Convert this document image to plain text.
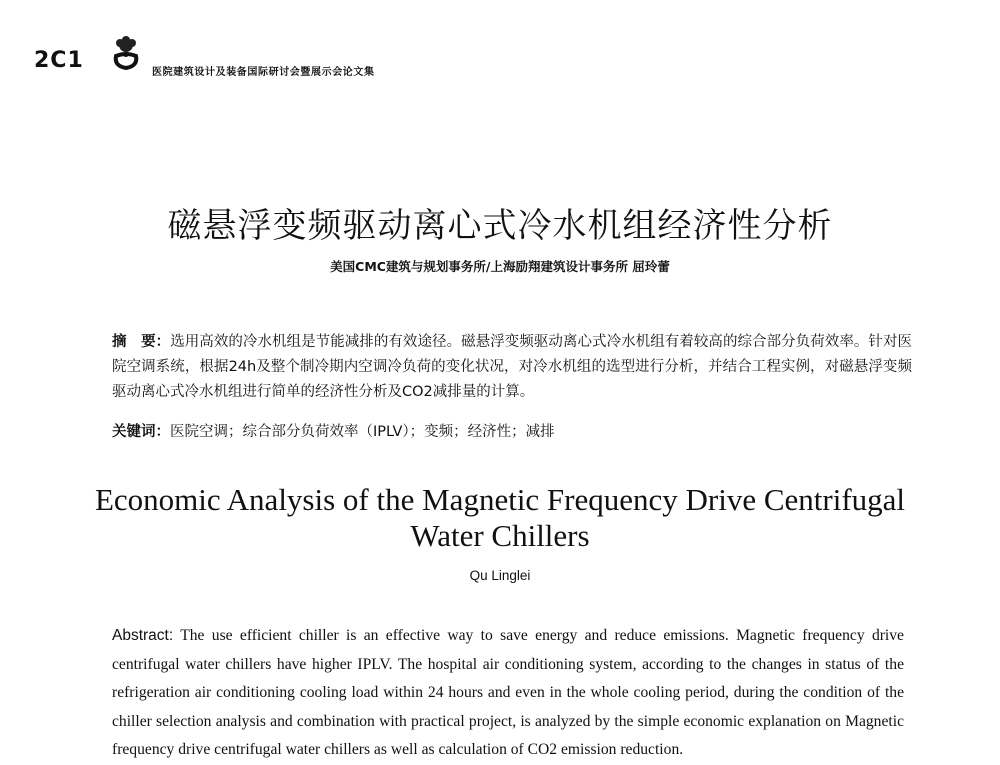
2C1	医院建筑设计及装备国际研讨会暨展示会论文集
磁悬浮变频驱动离心式冷水机组经济性分析
美国CMC建筑与规划事务所/上海励翔建筑设计事务所 屈玲蕾
摘　要：选用高效的冷水机组是节能减排的有效途径。磁悬浮变频驱动离心式冷水机组有着较高的综合部分负荷效率。针对医院空调系统，根据24h及整个制冷期内空调冷负荷的变化状况，对冷水机组的选型进行分析，并结合工程实例，对磁悬浮变频驱动离心式冷水机组进行简单的经济性分析及CO2减排量的计算。
关键词：医院空调；综合部分负荷效率（IPLV）；变频；经济性；减排
Economic Analysis of the Magnetic Frequency Drive Centrifugal
Water Chillers
Qu Linglei
Abstract: The use efficient chiller is an effective way to save energy and reduce emissions. Magnetic frequency drive centrifugal water chillers have higher IPLV. The hospital air conditioning system, according to the changes in status of the refrigeration air conditioning cooling load within 24 hours and even in the whole cooling period, during the condition of the chiller selection analysis and combination with practical project, is analyzed by the simple economic explanation on Magnetic frequency drive centrifugal water chillers as well as calculation of CO2 emission reduction.
